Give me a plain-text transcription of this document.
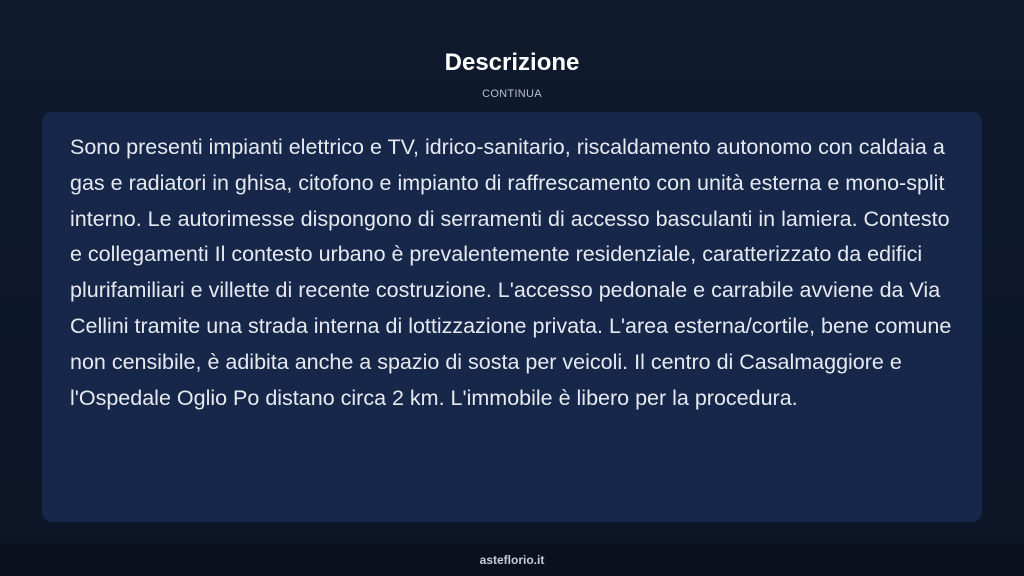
Descrizione
CONTINUA

Sono presenti impianti elettrico e TV, idrico-sanitario, riscaldamento autonomo con caldaia a gas e radiatori in ghisa, citofono e impianto di raffrescamento con unità esterna e mono-split interno. Le autorimesse dispongono di serramenti di accesso basculanti in lamiera. Contesto e collegamenti Il contesto urbano è prevalentemente residenziale, caratterizzato da edifici plurifamiliari e villette di recente costruzione. L'accesso pedonale e carrabile avviene da Via Cellini tramite una strada interna di lottizzazione privata. L'area esterna/cortile, bene comune non censibile, è adibita anche a spazio di sosta per veicoli. Il centro di Casalmaggiore e l'Ospedale Oglio Po distano circa 2 km. L'immobile è libero per la procedura.

asteflorio.it
